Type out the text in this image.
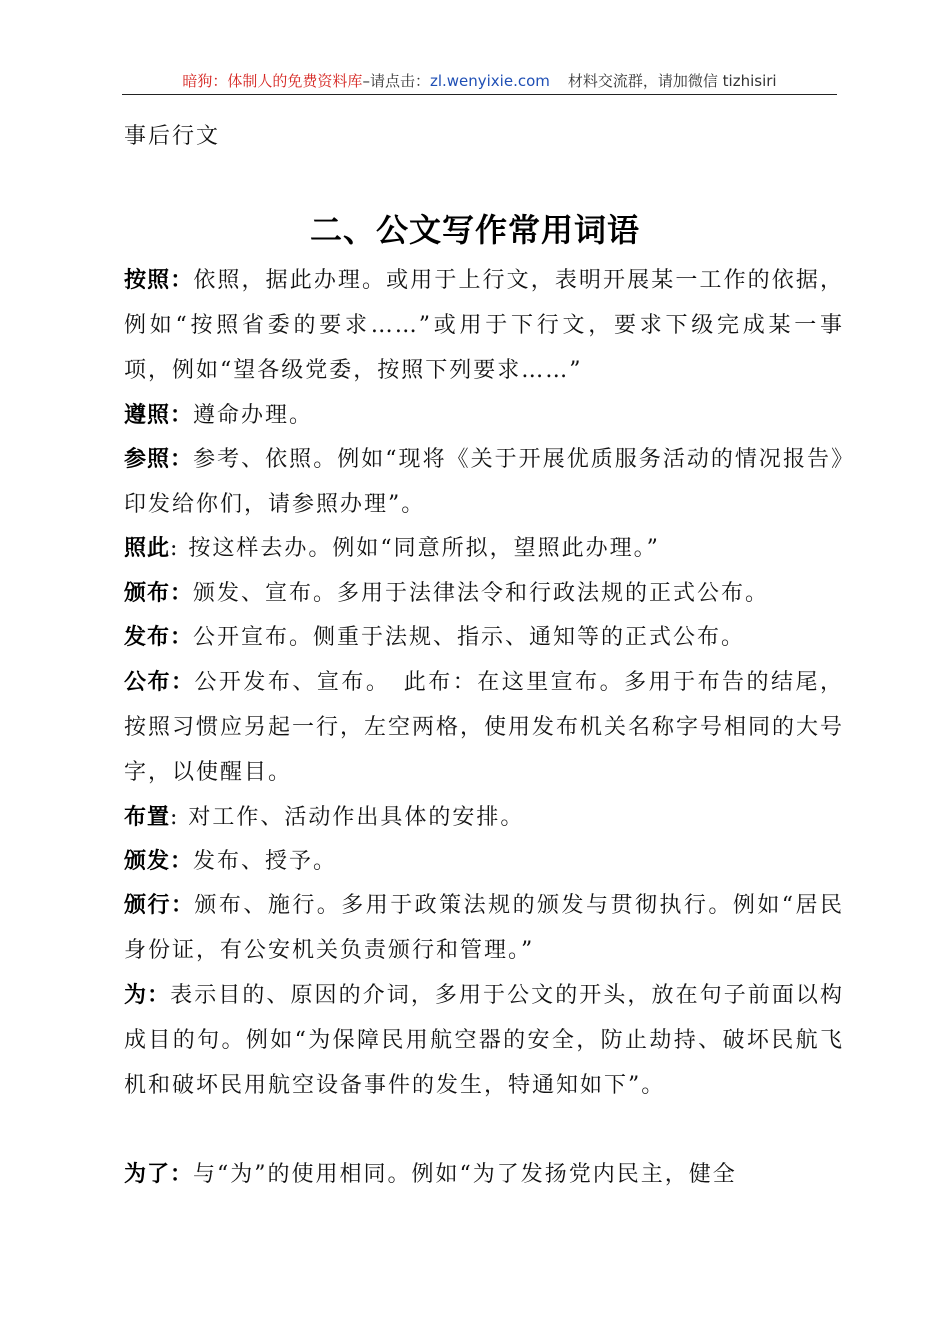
暗狗：体制人的免费资料库–请点击：zl.wenyixie.com 材料交流群，请加微信 tizhisiri
事后行文
二、公文写作常用词语
按照：依照，据此办理。或用于上行文，表明开展某一工作的依据，例如“按照省委的要求……”或用于下行文，要求下级完成某一事项，例如“望各级党委，按照下列要求……”
遵照：遵命办理。
参照：参考、依照。例如“现将《关于开展优质服务活动的情况报告》印发给你们，请参照办理”。
照此: 按这样去办。例如“同意所拟，望照此办理。”
颁布：颁发、宣布。多用于法律法令和行政法规的正式公布。
发布：公开宣布。侧重于法规、指示、通知等的正式公布。
公布：公开发布、宣布。　此布：在这里宣布。多用于布告的结尾，按照习惯应另起一行，左空两格，使用发布机关名称字号相同的大号字，以使醒目。
布置: 对工作、活动作出具体的安排。
颁发：发布、授予。
颁行：颁布、施行。多用于政策法规的颁发与贯彻执行。例如“居民身份证，有公安机关负责颁行和管理。”
为：表示目的、原因的介词，多用于公文的开头，放在句子前面以构成目的句。例如“为保障民用航空器的安全，防止劫持、破坏民航飞机和破坏民用航空设备事件的发生，特通知如下”。
为了：与“为”的使用相同。例如“为了发扬党内民主，健全
